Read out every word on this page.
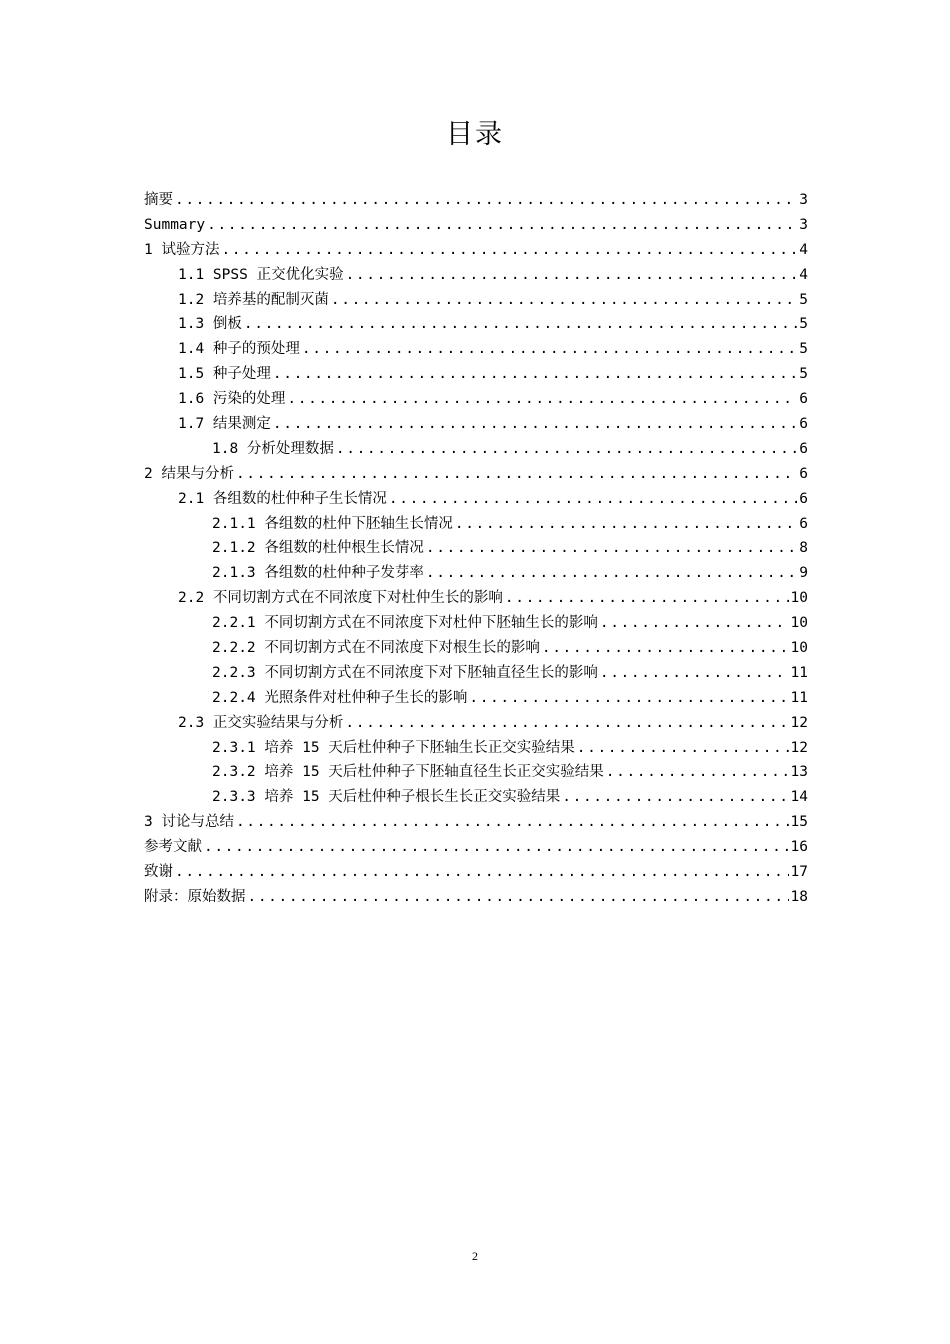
目录
摘要 .....	3
Summary .....	3
1 试验方法 .....	4
1.1 SPSS 正交优化实验 .....	4
1.2 培养基的配制灭菌 .....	5
1.3 倒板 .....	5
1.4 种子的预处理 .....	5
1.5 种子处理 .....	5
1.6 污染的处理 .....	6
1.7 结果测定 .....	6
1.8 分析处理数据 .....	6
2 结果与分析 .....	6
2.1 各组数的杜仲种子生长情况 .....	6
2.1.1 各组数的杜仲下胚轴生长情况 .....	6
2.1.2 各组数的杜仲根生长情况 .....	8
2.1.3 各组数的杜仲种子发芽率 .....	9
2.2 不同切割方式在不同浓度下对杜仲生长的影响 .....	10
2.2.1 不同切割方式在不同浓度下对杜仲下胚轴生长的影响 .....	10
2.2.2 不同切割方式在不同浓度下对根生长的影响 .....	10
2.2.3 不同切割方式在不同浓度下对下胚轴直径生长的影响 .....	11
2.2.4 光照条件对杜仲种子生长的影响 .....	11
2.3 正交实验结果与分析 .....	12
2.3.1 培养 15 天后杜仲种子下胚轴生长正交实验结果 .....	12
2.3.2 培养 15 天后杜仲种子下胚轴直径生长正交实验结果 .....	13
2.3.3 培养 15 天后杜仲种子根长生长正交实验结果 .....	14
3 讨论与总结 .....	15
参考文献 .....	16
致谢 .....	17
附录：原始数据 .....	18
2
